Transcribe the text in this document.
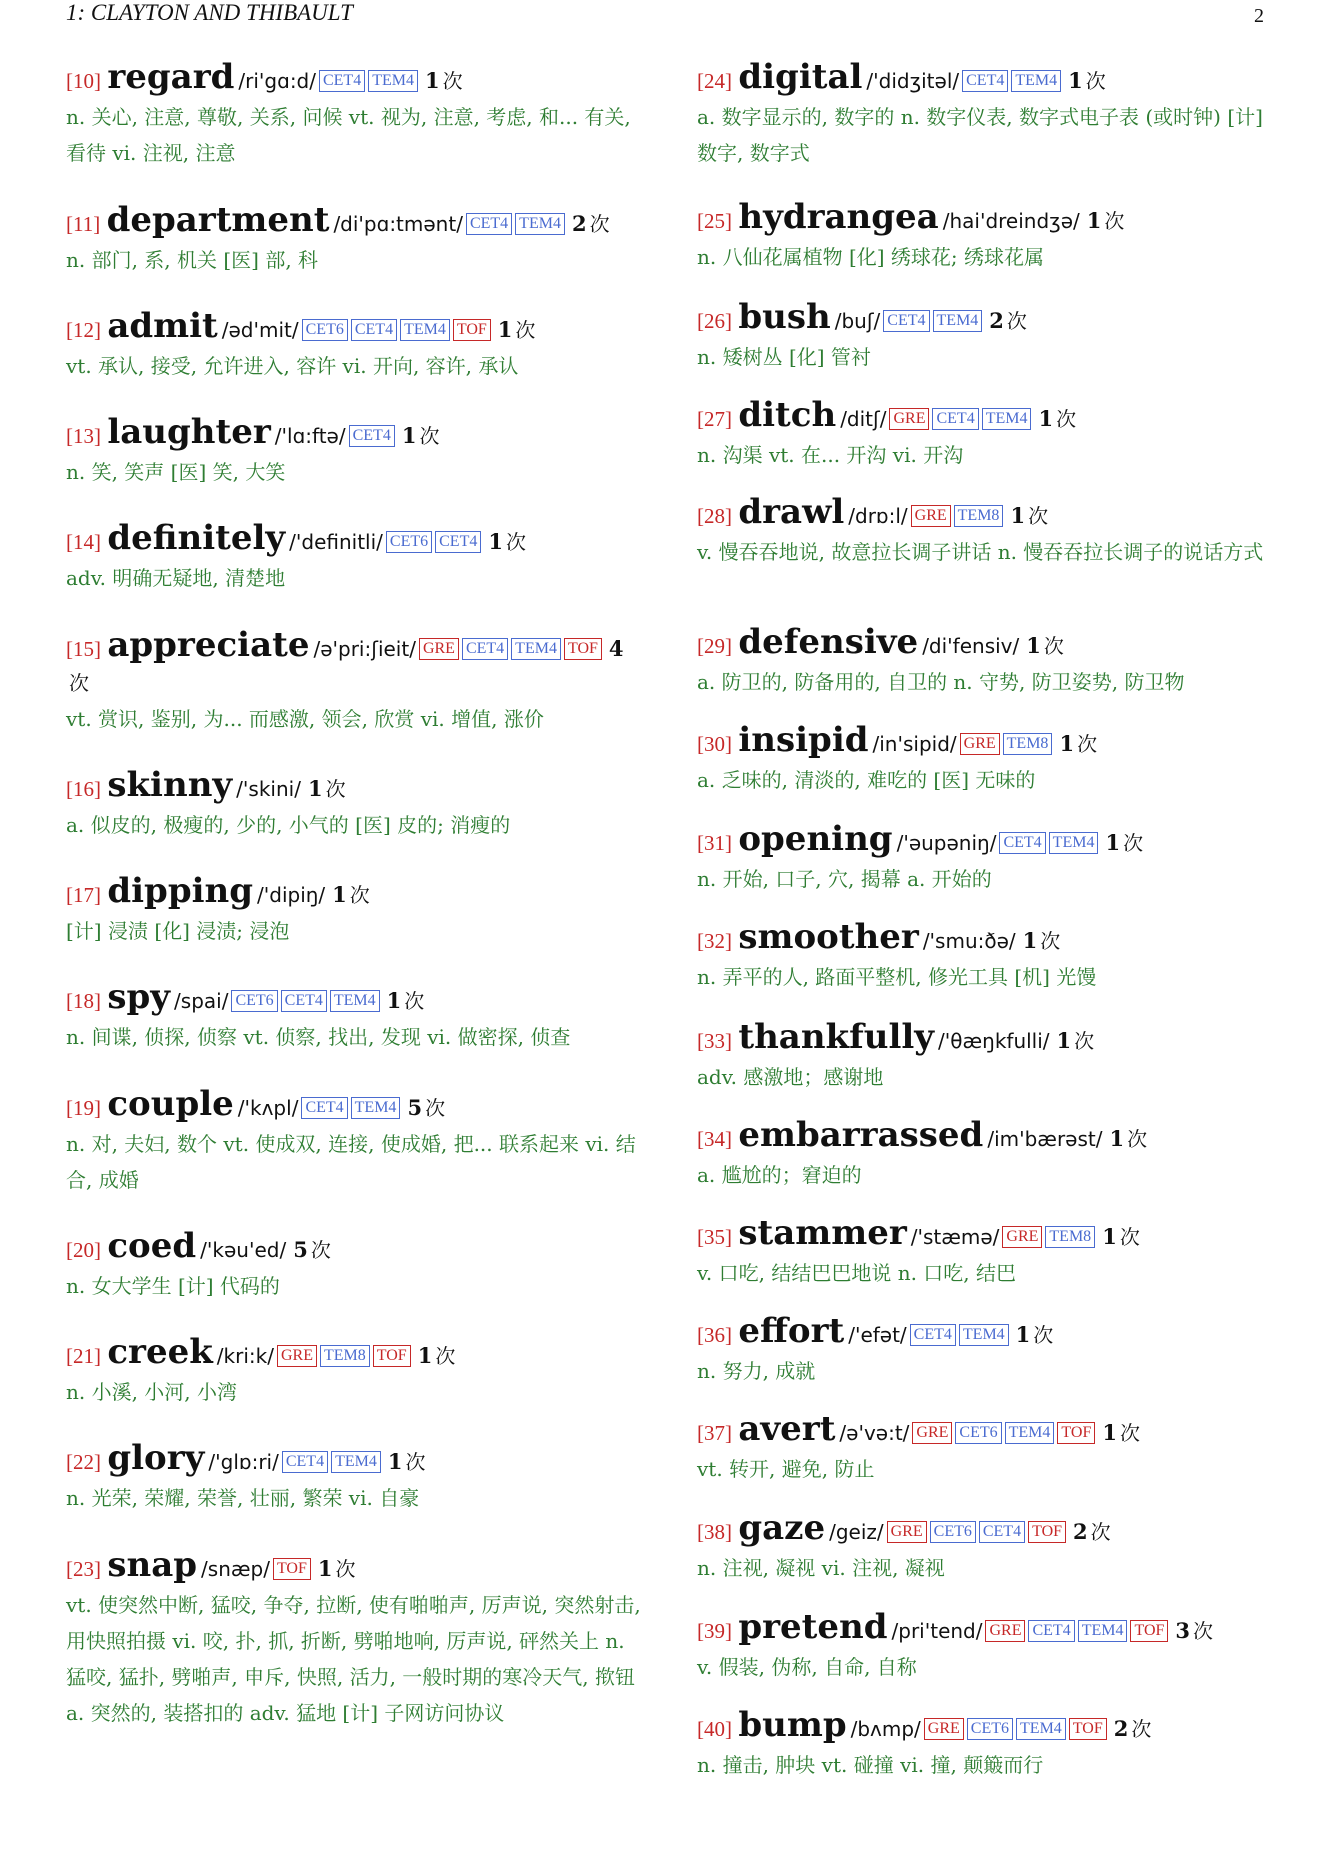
1: CLAYTON AND THIBAULT	2
[10] regard /ri'gɑ:d/ CET4 TEM4 1 次
n. 关心, 注意, 尊敬, 关系, 问候 vt. 视为, 注意, 考虑, 和... 有关, 看待 vi. 注视, 注意
[11] department /di'pɑ:tmənt/ CET4 TEM4 2 次
n. 部门, 系, 机关 [医] 部, 科
[12] admit /əd'mit/ CET6 CET4 TEM4 TOF 1 次
vt. 承认, 接受, 允许进入, 容许 vi. 开向, 容许, 承认
[13] laughter /'lɑ:ftə/ CET4 1 次
n. 笑, 笑声 [医] 笑, 大笑
[14] definitely /'definitli/ CET6 CET4 1 次
adv. 明确无疑地, 清楚地
[15] appreciate /ə'pri:ʃieit/ GRE CET4 TEM4 TOF 4次
vt. 赏识, 鉴别, 为... 而感激, 领会, 欣赏 vi. 增值, 涨价
[16] skinny /'skini/ 1 次
a. 似皮的, 极瘦的, 少的, 小气的 [医] 皮的; 消瘦的
[17] dipping /'dipiŋ/ 1 次
[计] 浸渍 [化] 浸渍; 浸泡
[18] spy /spai/ CET6 CET4 TEM4 1 次
n. 间谍, 侦探, 侦察 vt. 侦察, 找出, 发现 vi. 做密探, 侦查
[19] couple /'kʌpl/ CET4 TEM4 5 次
n. 对, 夫妇, 数个 vt. 使成双, 连接, 使成婚, 把... 联系起来 vi. 结合, 成婚
[20] coed /'kəu'ed/ 5 次
n. 女大学生 [计] 代码的
[21] creek /kri:k/ GRE TEM8 TOF 1 次
n. 小溪, 小河, 小湾
[22] glory /'glɒ:ri/ CET4 TEM4 1 次
n. 光荣, 荣耀, 荣誉, 壮丽, 繁荣 vi. 自豪
[23] snap /snæp/ TOF 1 次
vt. 使突然中断, 猛咬, 争夺, 拉断, 使有啪啪声, 厉声说, 突然射击, 用快照拍摄 vi. 咬, 扑, 抓, 折断, 劈啪地响, 厉声说, 砰然关上 n. 猛咬, 猛扑, 劈啪声, 申斥, 快照, 活力, 一般时期的寒冷天气, 揿钮 a. 突然的, 装搭扣的 adv. 猛地 [计] 子网访问协议
[24] digital /'didʒitəl/ CET4 TEM4 1 次
a. 数字显示的, 数字的 n. 数字仪表, 数字式电子表 (或时钟) [计] 数字, 数字式
[25] hydrangea /hai'dreindʒə/ 1 次
n. 八仙花属植物 [化] 绣球花; 绣球花属
[26] bush /buʃ/ CET4 TEM4 2 次
n. 矮树丛 [化] 管衬
[27] ditch /ditʃ/ GRE CET4 TEM4 1 次
n. 沟渠 vt. 在... 开沟 vi. 开沟
[28] drawl /drɒ:l/ GRE TEM8 1 次
v. 慢吞吞地说, 故意拉长调子讲话 n. 慢吞吞拉长调子的说话方式
[29] defensive /di'fensiv/ 1 次
a. 防卫的, 防备用的, 自卫的 n. 守势, 防卫姿势, 防卫物
[30] insipid /in'sipid/ GRE TEM8 1 次
a. 乏味的, 清淡的, 难吃的 [医] 无味的
[31] opening /'əupəniŋ/ CET4 TEM4 1 次
n. 开始, 口子, 穴, 揭幕 a. 开始的
[32] smoother /'smu:ðə/ 1 次
n. 弄平的人, 路面平整机, 修光工具 [机] 光馒
[33] thankfully /'θæŋkfulli/ 1 次
adv. 感激地；感谢地
[34] embarrassed /im'bærəst/ 1 次
a. 尴尬的；窘迫的
[35] stammer /'stæmə/ GRE TEM8 1 次
v. 口吃, 结结巴巴地说 n. 口吃, 结巴
[36] effort /'efət/ CET4 TEM4 1 次
n. 努力, 成就
[37] avert /ə'və:t/ GRE CET6 TEM4 TOF 1 次
vt. 转开, 避免, 防止
[38] gaze /geiz/ GRE CET6 CET4 TOF 2 次
n. 注视, 凝视 vi. 注视, 凝视
[39] pretend /pri'tend/ GRE CET4 TEM4 TOF 3 次
v. 假装, 伪称, 自命, 自称
[40] bump /bʌmp/ GRE CET6 TEM4 TOF 2 次
n. 撞击, 肿块 vt. 碰撞 vi. 撞, 颠簸而行
